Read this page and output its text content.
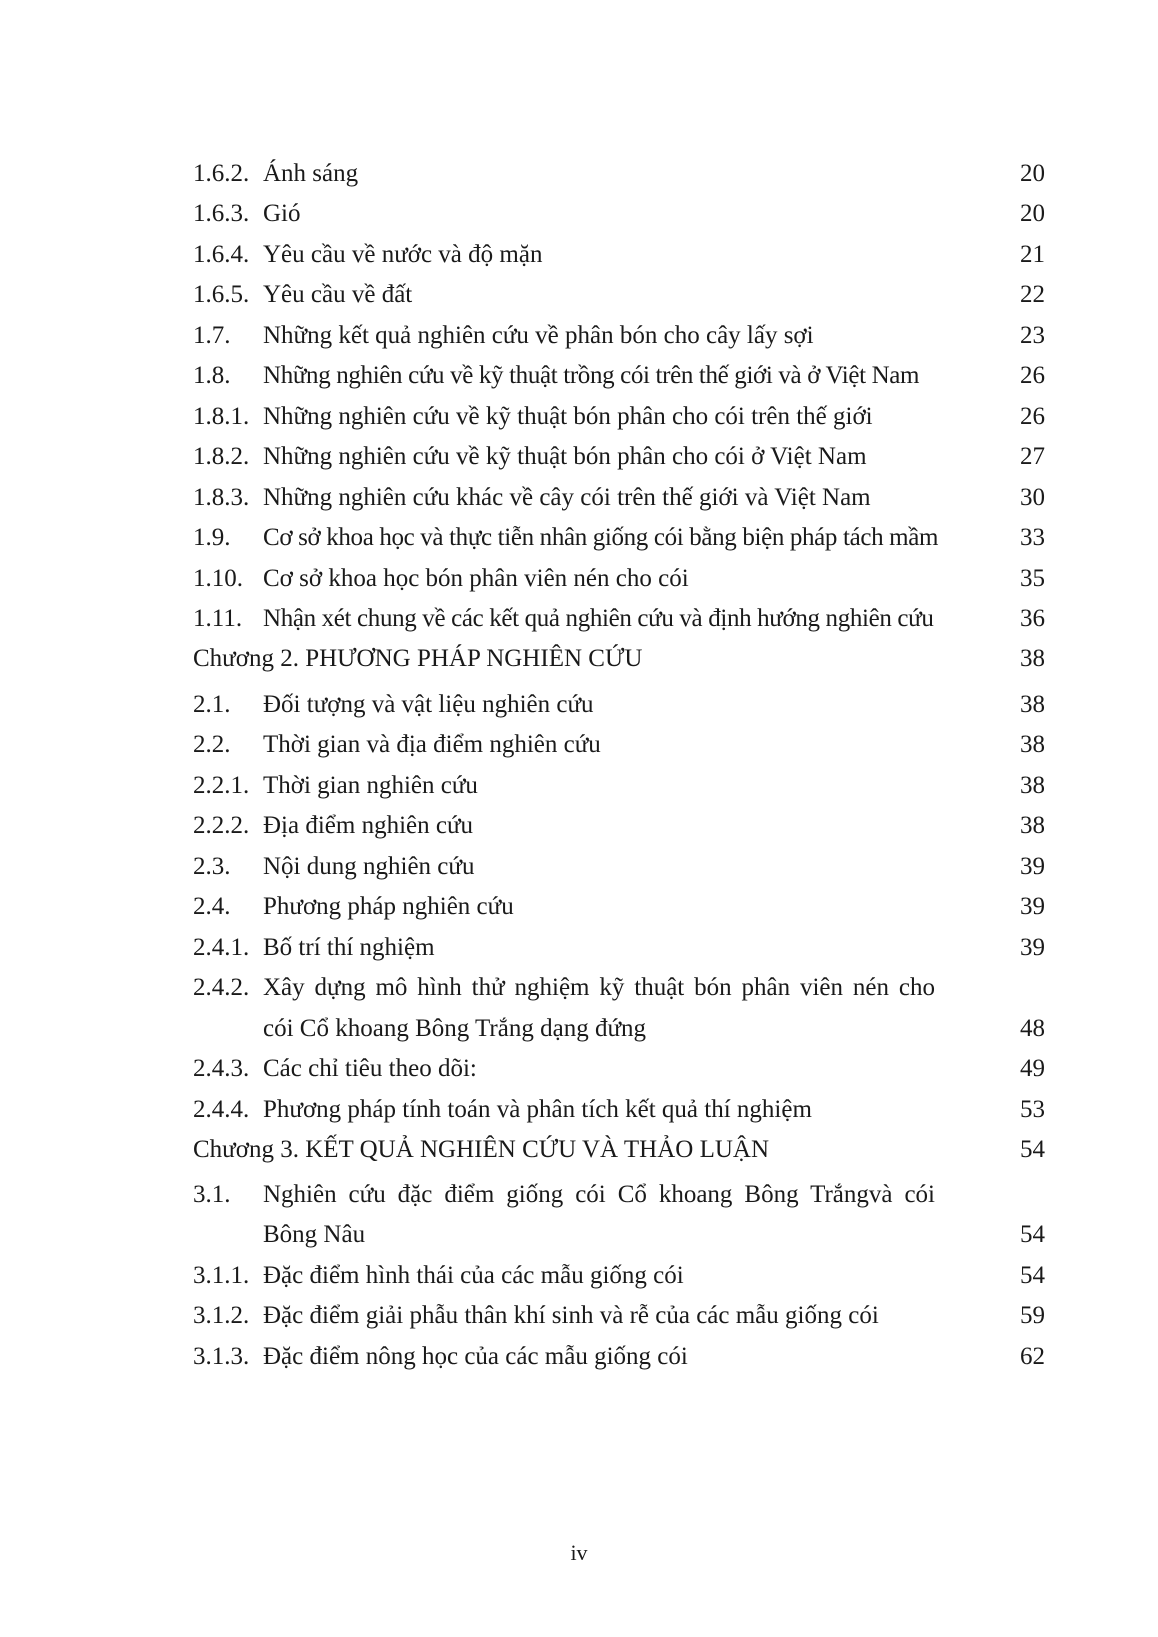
1.6.2. Ánh sáng	20
1.6.3. Gió	20
1.6.4. Yêu cầu về nước và độ mặn	21
1.6.5. Yêu cầu về đất	22
1.7. Những kết quả nghiên cứu về phân bón cho cây lấy sợi	23
1.8. Những nghiên cứu về kỹ thuật trồng cói trên thế giới và ở Việt Nam	26
1.8.1. Những nghiên cứu về kỹ thuật bón phân cho cói trên thế giới	26
1.8.2. Những nghiên cứu về kỹ thuật bón phân cho cói ở Việt Nam	27
1.8.3. Những nghiên cứu khác về cây cói trên thế giới và Việt Nam	30
1.9. Cơ sở khoa học và thực tiễn nhân giống cói bằng biện pháp tách mầm	33
1.10. Cơ sở khoa học bón phân viên nén cho cói	35
1.11. Nhận xét chung về các kết quả nghiên cứu và định hướng nghiên cứu	36
Chương 2. PHƯƠNG PHÁP NGHIÊN CỨU	38
2.1. Đối tượng và vật liệu nghiên cứu	38
2.2. Thời gian và địa điểm nghiên cứu	38
2.2.1. Thời gian nghiên cứu	38
2.2.2. Địa điểm nghiên cứu	38
2.3. Nội dung nghiên cứu	39
2.4. Phương pháp nghiên cứu	39
2.4.1. Bố trí thí nghiệm	39
2.4.2. Xây dựng mô hình thử nghiệm kỹ thuật bón phân viên nén cho
cói Cổ khoang Bông Trắng dạng đứng	48
2.4.3. Các chỉ tiêu theo dõi:	49
2.4.4. Phương pháp tính toán và phân tích kết quả thí nghiệm	53
Chương 3. KẾT QUẢ NGHIÊN CỨU VÀ THẢO LUẬN	54
3.1. Nghiên cứu đặc điểm giống cói Cổ khoang Bông Trắngvà cói
Bông Nâu	54
3.1.1. Đặc điểm hình thái của các mẫu giống cói	54
3.1.2. Đặc điểm giải phẫu thân khí sinh và rễ của các mẫu giống cói	59
3.1.3. Đặc điểm nông học của các mẫu giống cói	62
iv
